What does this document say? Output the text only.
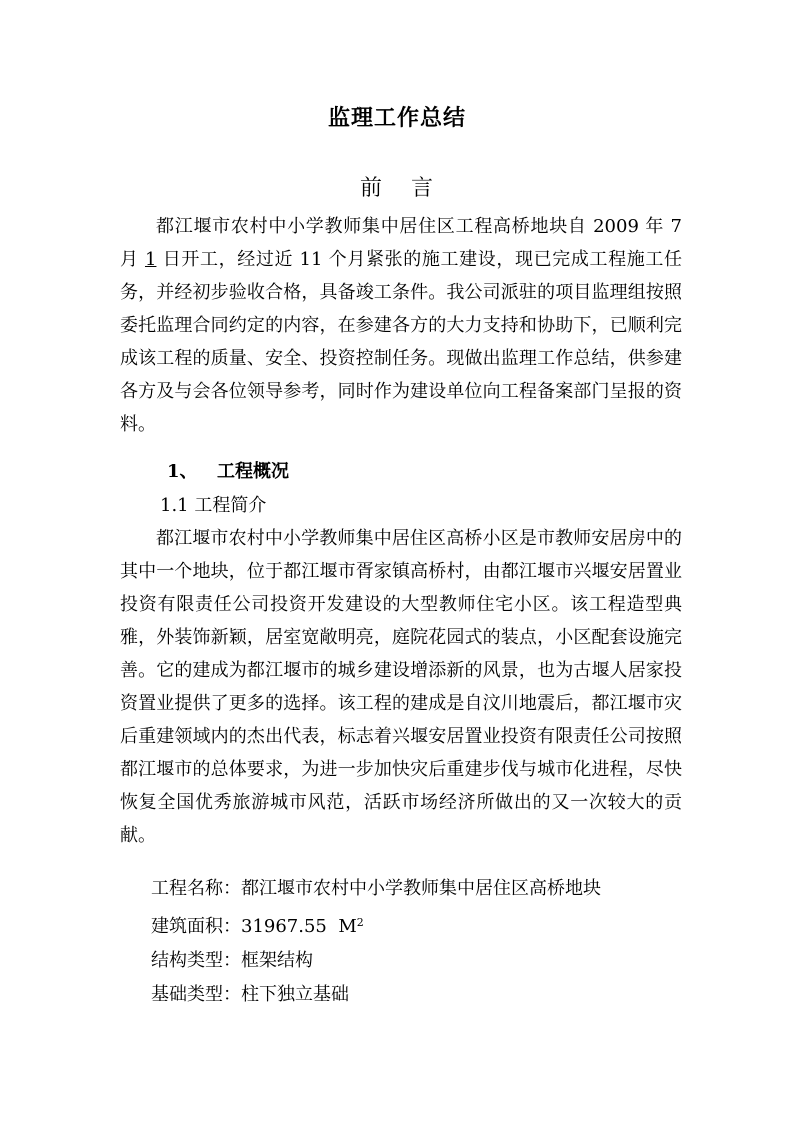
监理工作总结
前 言

都江堰市农村中小学教师集中居住区工程高桥地块自 2009 年 7 月 1 日开工，经过近 11 个月紧张的施工建设，现已完成工程施工任务，并经初步验收合格，具备竣工条件。我公司派驻的项目监理组按照委托监理合同约定的内容，在参建各方的大力支持和协助下，已顺利完成该工程的质量、安全、投资控制任务。现做出监理工作总结，供参建各方及与会各位领导参考，同时作为建设单位向工程备案部门呈报的资料。

1、 工程概况
1.1 工程简介

都江堰市农村中小学教师集中居住区高桥小区是市教师安居房中的其中一个地块，位于都江堰市胥家镇高桥村，由都江堰市兴堰安居置业投资有限责任公司投资开发建设的大型教师住宅小区。该工程造型典雅，外装饰新颖，居室宽敞明亮，庭院花园式的装点，小区配套设施完善。它的建成为都江堰市的城乡建设增添新的风景，也为古堰人居家投资置业提供了更多的选择。该工程的建成是自汶川地震后，都江堰市灾后重建领域内的杰出代表，标志着兴堰安居置业投资有限责任公司按照都江堰市的总体要求，为进一步加快灾后重建步伐与城市化进程，尽快恢复全国优秀旅游城市风范，活跃市场经济所做出的又一次较大的贡献。

工程名称：都江堰市农村中小学教师集中居住区高桥地块
建筑面积：31967.55 $M^2$
结构类型：框架结构
基础类型：柱下独立基础
